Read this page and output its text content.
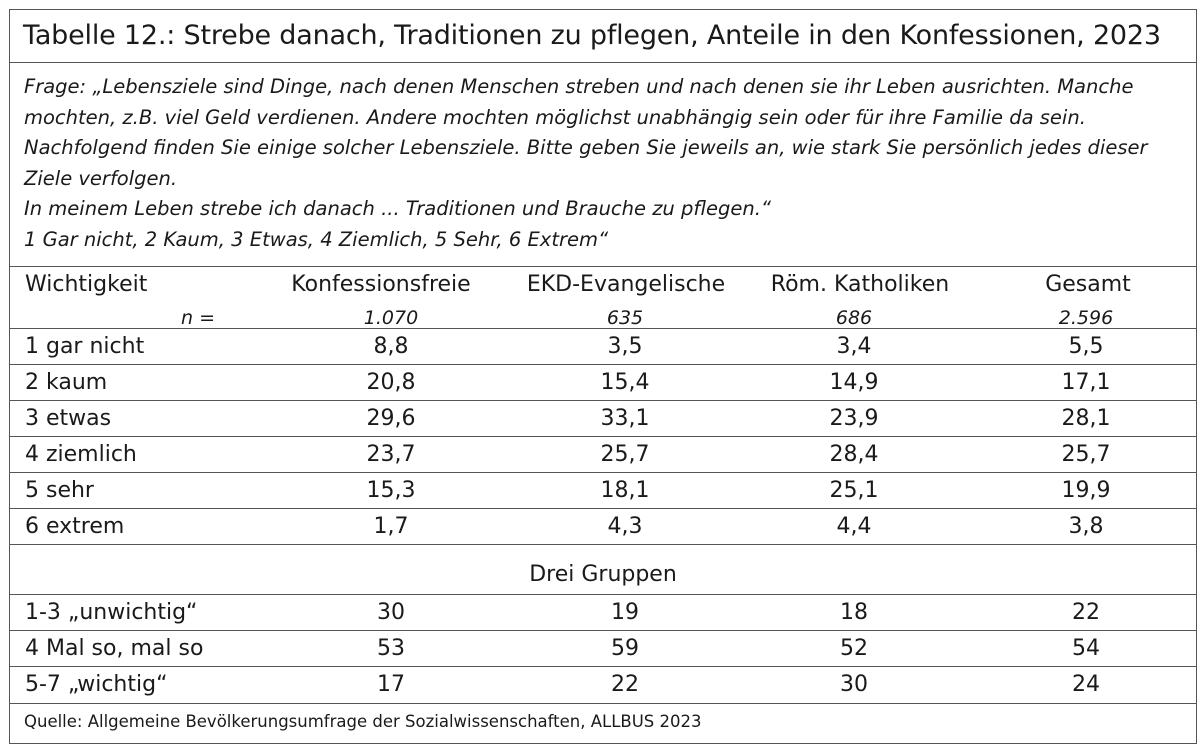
Tabelle 12.: Strebe danach, Traditionen zu pflegen, Anteile in den Konfessionen, 2023
Frage: „Lebensziele sind Dinge, nach denen Menschen streben und nach denen sie ihr Leben ausrichten. Manche
mochten, z.B. viel Geld verdienen. Andere mochten möglichst unabhängig sein oder für ihre Familie da sein.
Nachfolgend finden Sie einige solcher Lebensziele. Bitte geben Sie jeweils an, wie stark Sie persönlich jedes dieser
Ziele verfolgen.
In meinem Leben strebe ich danach ... Traditionen und Brauche zu pflegen.“
1 Gar nicht, 2 Kaum, 3 Etwas, 4 Ziemlich, 5 Sehr, 6 Extrem“
Wichtigkeit	Konfessionsfreie	EKD-Evangelische	Röm. Katholiken	Gesamt
n =	1.070	635	686	2.596
1 gar nicht	8,8	3,5	3,4	5,5
2 kaum	20,8	15,4	14,9	17,1
3 etwas	29,6	33,1	23,9	28,1
4 ziemlich	23,7	25,7	28,4	25,7
5 sehr	15,3	18,1	25,1	19,9
6 extrem	1,7	4,3	4,4	3,8
Drei Gruppen
1-3 „unwichtig“	30	19	18	22
4 Mal so, mal so	53	59	52	54
5-7 „wichtig“	17	22	30	24
Quelle: Allgemeine Bevölkerungsumfrage der Sozialwissenschaften, ALLBUS 2023
